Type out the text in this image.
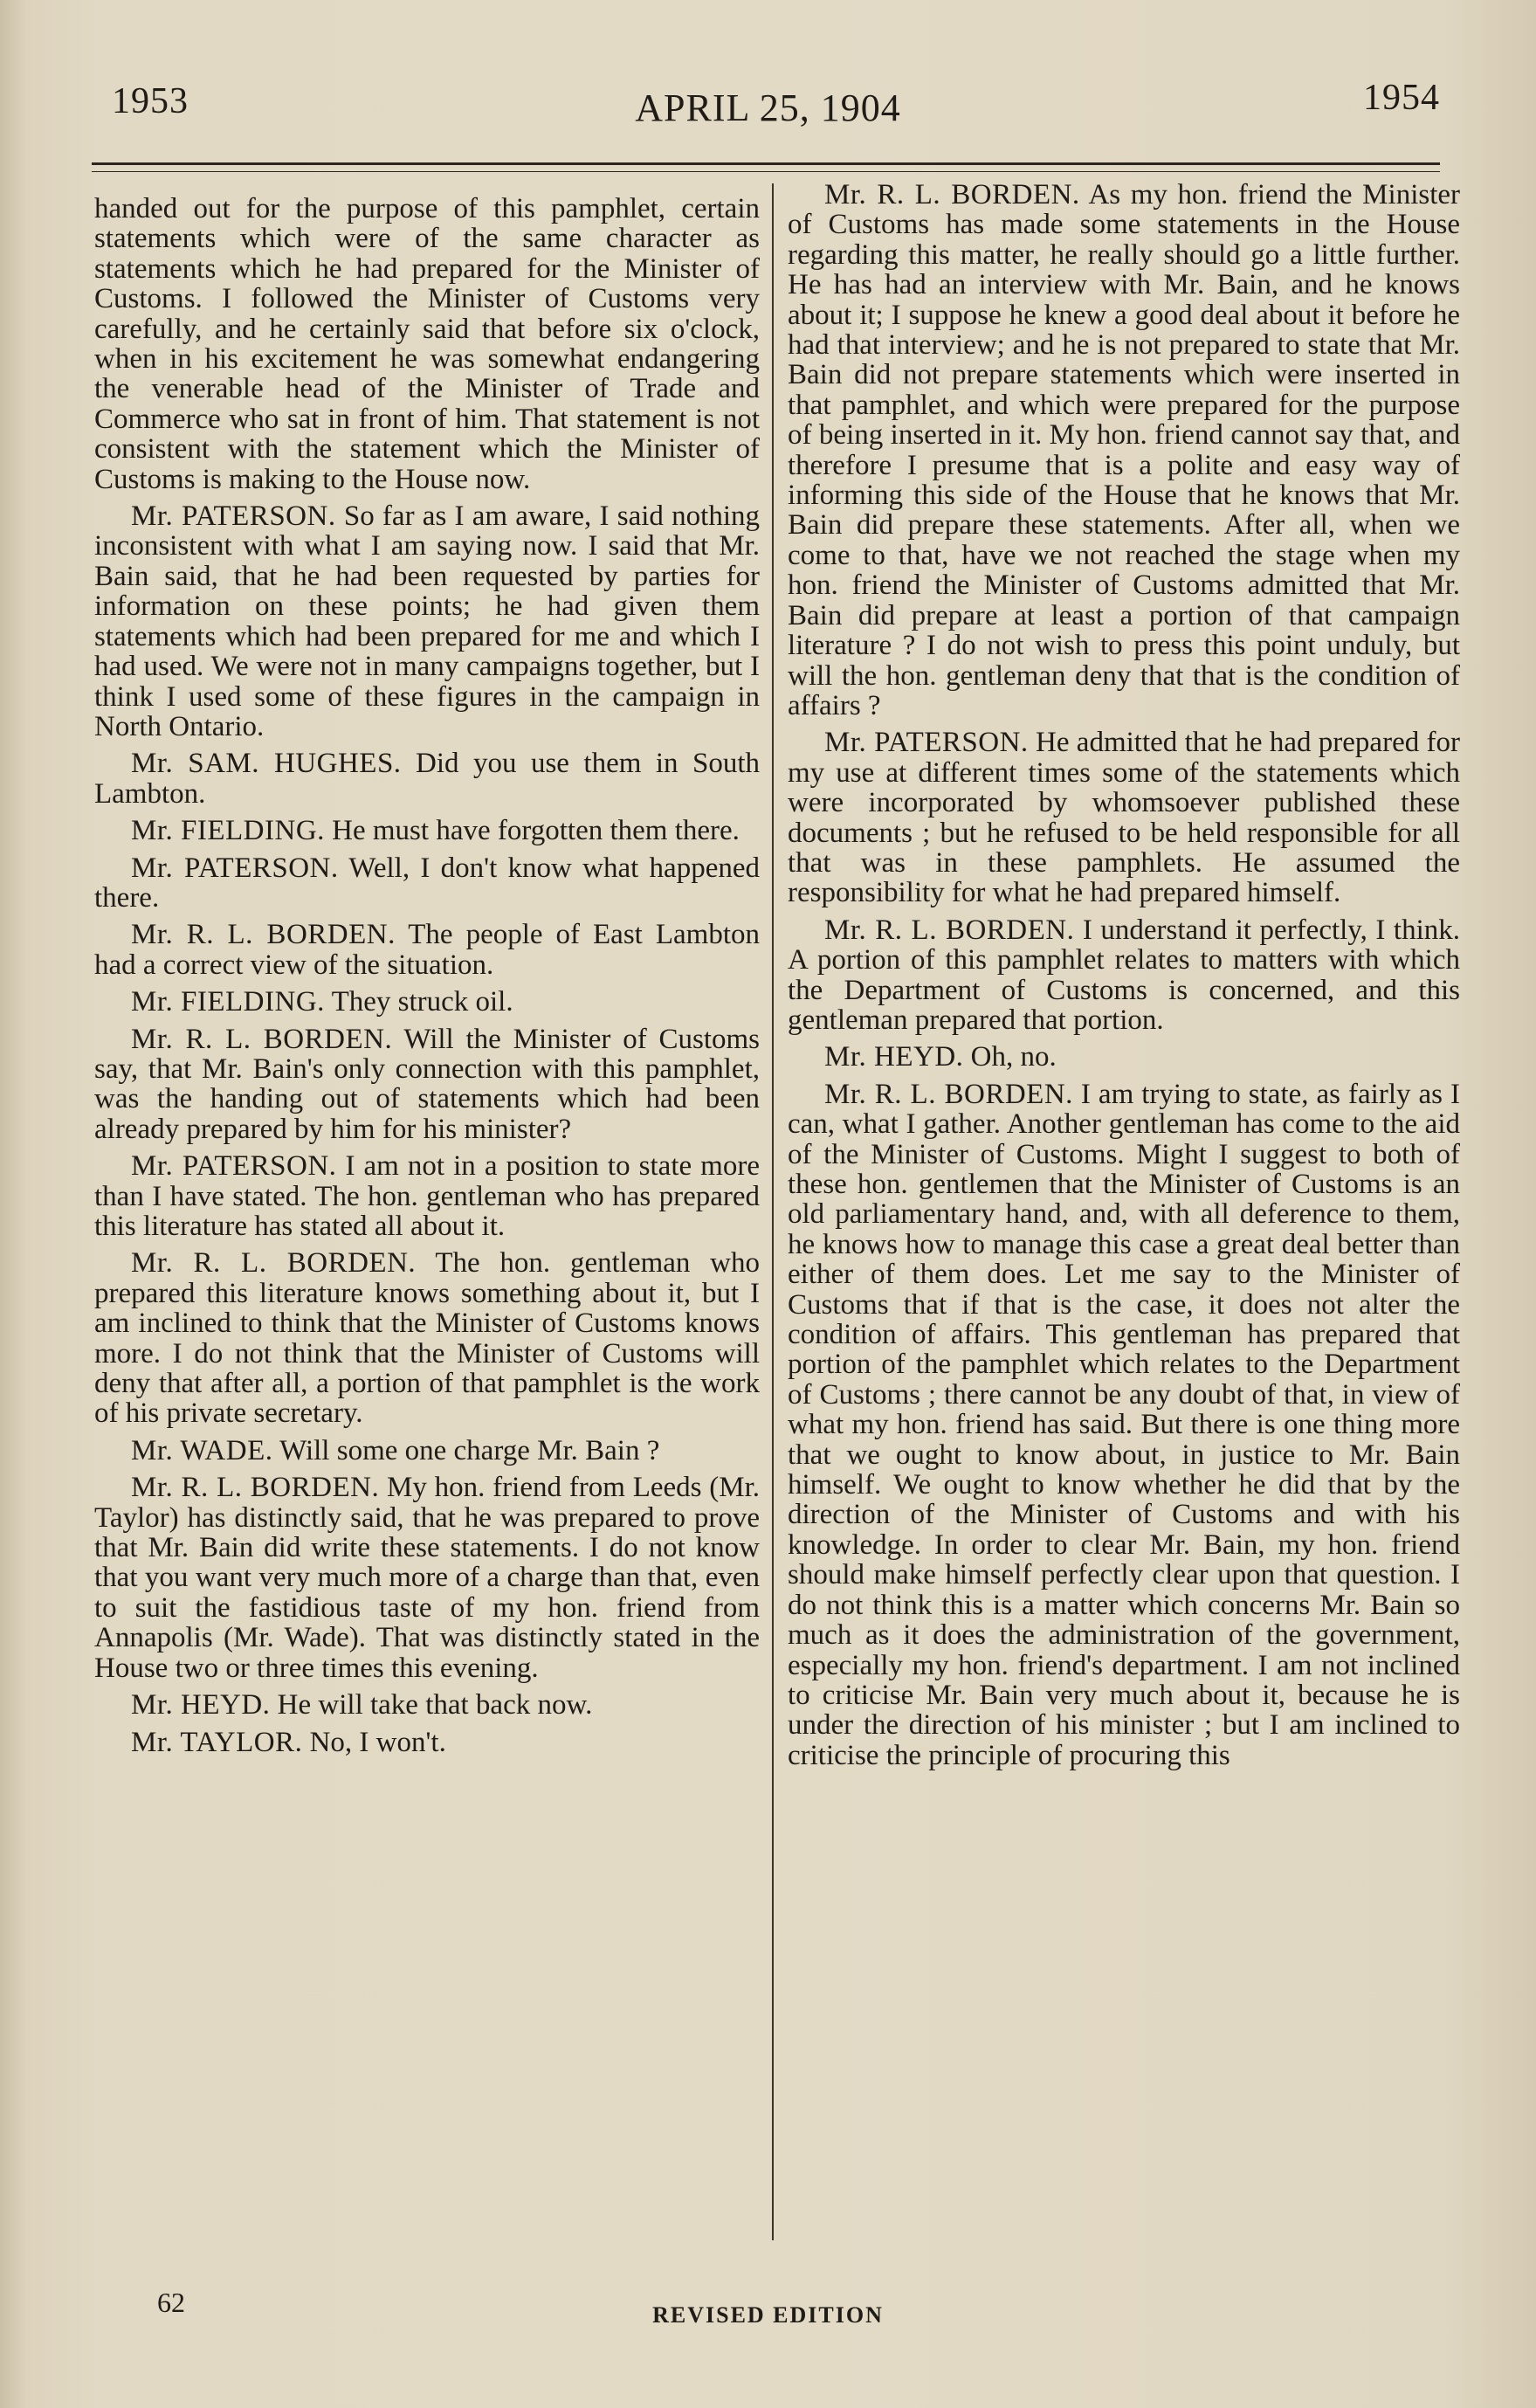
1953	APRIL 25, 1904	1954

handed out for the purpose of this pamphlet, certain statements which were of the same character as statements which he had prepared for the Minister of Customs. I followed the Minister of Customs very carefully, and he certainly said that before six o'clock, when in his excitement he was somewhat endangering the venerable head of the Minister of Trade and Commerce who sat in front of him. That statement is not consistent with the statement which the Minister of Customs is making to the House now.

Mr. PATERSON. So far as I am aware, I said nothing inconsistent with what I am saying now. I said that Mr. Bain said, that he had been requested by parties for information on these points; he had given them statements which had been prepared for me and which I had used. We were not in many campaigns together, but I think I used some of these figures in the campaign in North Ontario.

Mr. SAM. HUGHES. Did you use them in South Lambton.

Mr. FIELDING. He must have forgotten them there.

Mr. PATERSON. Well, I don't know what happened there.

Mr. R. L. BORDEN. The people of East Lambton had a correct view of the situation.

Mr. FIELDING. They struck oil.

Mr. R. L. BORDEN. Will the Minister of Customs say, that Mr. Bain's only connection with this pamphlet, was the handing out of statements which had been already prepared by him for his minister?

Mr. PATERSON. I am not in a position to state more than I have stated. The hon. gentleman who has prepared this literature has stated all about it.

Mr. R. L. BORDEN. The hon. gentleman who prepared this literature knows something about it, but I am inclined to think that the Minister of Customs knows more. I do not think that the Minister of Customs will deny that after all, a portion of that pamphlet is the work of his private secretary.

Mr. WADE. Will some one charge Mr. Bain ?

Mr. R. L. BORDEN. My hon. friend from Leeds (Mr. Taylor) has distinctly said, that he was prepared to prove that Mr. Bain did write these statements. I do not know that you want very much more of a charge than that, even to suit the fastidious taste of my hon. friend from Annapolis (Mr. Wade). That was distinctly stated in the House two or three times this evening.

Mr. HEYD. He will take that back now.

Mr. TAYLOR. No, I won't.

Mr. R. L. BORDEN. As my hon. friend the Minister of Customs has made some statements in the House regarding this matter, he really should go a little further. He has had an interview with Mr. Bain, and he knows about it; I suppose he knew a good deal about it before he had that interview; and he is not prepared to state that Mr. Bain did not prepare statements which were inserted in that pamphlet, and which were prepared for the purpose of being inserted in it. My hon. friend cannot say that, and therefore I presume that is a polite and easy way of informing this side of the House that he knows that Mr. Bain did prepare these statements. After all, when we come to that, have we not reached the stage when my hon. friend the Minister of Customs admitted that Mr. Bain did prepare at least a portion of that campaign literature ? I do not wish to press this point unduly, but will the hon. gentleman deny that that is the condition of affairs ?

Mr. PATERSON. He admitted that he had prepared for my use at different times some of the statements which were incorporated by whomsoever published these documents ; but he refused to be held responsible for all that was in these pamphlets. He assumed the responsibility for what he had prepared himself.

Mr. R. L. BORDEN. I understand it perfectly, I think. A portion of this pamphlet relates to matters with which the Department of Customs is concerned, and this gentleman prepared that portion.

Mr. HEYD. Oh, no.

Mr. R. L. BORDEN. I am trying to state, as fairly as I can, what I gather. Another gentleman has come to the aid of the Minister of Customs. Might I suggest to both of these hon. gentlemen that the Minister of Customs is an old parliamentary hand, and, with all deference to them, he knows how to manage this case a great deal better than either of them does. Let me say to the Minister of Customs that if that is the case, it does not alter the condition of affairs. This gentleman has prepared that portion of the pamphlet which relates to the Department of Customs ; there cannot be any doubt of that, in view of what my hon. friend has said. But there is one thing more that we ought to know about, in justice to Mr. Bain himself. We ought to know whether he did that by the direction of the Minister of Customs and with his knowledge. In order to clear Mr. Bain, my hon. friend should make himself perfectly clear upon that question. I do not think this is a matter which concerns Mr. Bain so much as it does the administration of the government, especially my hon. friend's department. I am not inclined to criticise Mr. Bain very much about it, because he is under the direction of his minister ; but I am inclined to criticise the principle of procuring this

62	REVISED EDITION
